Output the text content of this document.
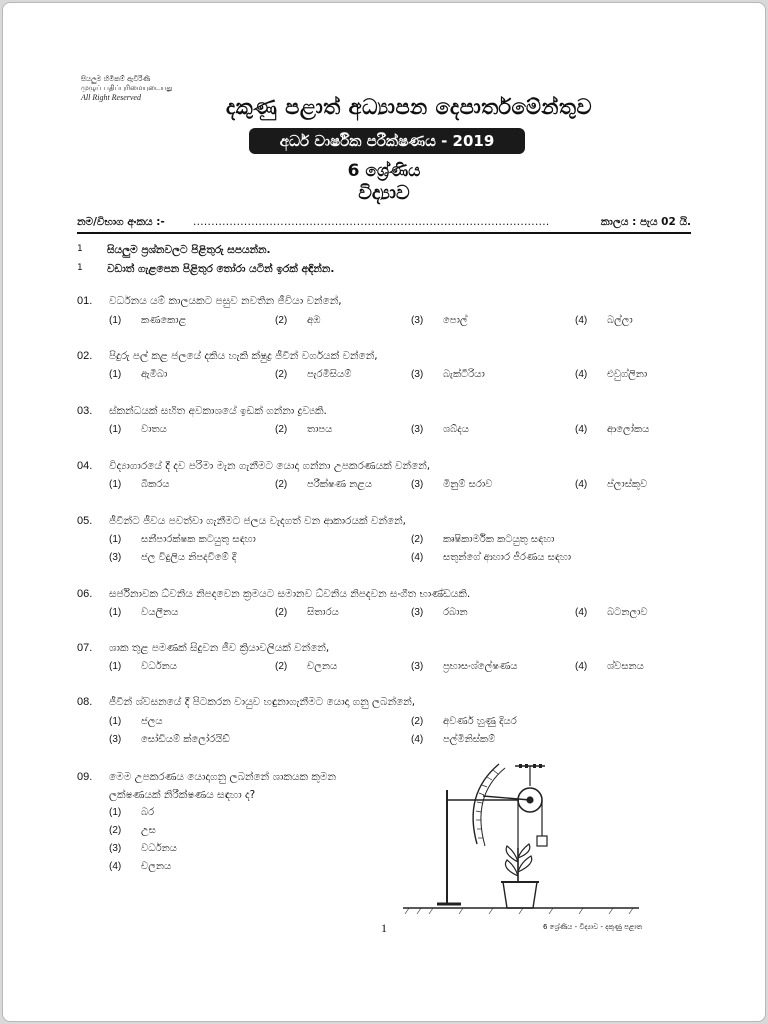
සියලුම හිමිකම් ඇවිරිණි
முழுப் பதிப்புரிமையுடையது
All Right Reserved	දකුණු පළාත් අධ්‍යාපන දෙපාර්තමේන්තුව
අර්ධ වාර්ෂික පරීක්ෂණය - 2019
6 ශ්‍රේණිය
විද්‍යාව
නම/විභාග අංකය :-	..................................................................................................	කාලය : පැය 02 යි.
1 සියලුම ප්‍රශ්නවලට පිළිතුරු සපයන්න.
1 වඩාත් ගැළපෙන පිළිතුර තෝරා යටින් ඉරක් අඳින්න.
01. වර්ධනය යම් කාලයකට පසුව නවතින ජීවියා වන්නේ,
(1) කණකොළ	(2) අඹ	(3) පොල්	(4) බල්ලා
02. පිදුරු පල් කළ ජලයේ දකිය හැකි ක්ෂුද්‍ර ජීවීන් වර්ගයක් වන්නේ,
(1) ඇමීබා	(2) පැරමීසියම්	(3) බැක්ටීරියා	(4) එවුග්ලිනා
03. ස්කන්ධයක් සහිත අවකාශයේ ඉඩක් ගන්නා ද්‍රව්‍යකි.
(1) වාතය	(2) තාපය	(3) ශබ්දය	(4) ආලෝකය
04. විද්‍යාගාරයේ දී දව පරිමා මැන ගැනීමට යොදා ගන්නා උපකරණයක් වන්නේ,
(1) බීකරය	(2) පරීක්ෂණ නළය	(3) මිනුම් සරාව	(4) ප්ලාස්කුව
05. ජීවීන්ට ජීවය පවත්වා ගැනීමට ජලය වැදගත් වන ආකාරයක් වන්නේ,
(1) සනීපාරක්ෂක කටයුතු සඳහා	(2) කෘෂිකාර්මික කටයුතු සඳහා
(3) ජල විදුලිය නිපදවීමේ දී	(4) සතුන්ගේ ආහාර ජීරණය සඳහා
06. සර්ජිනාවක ධ්වනිය නිපදවෙන ක්‍රමයට සමානව ධ්වනිය නිපදවන සංගීත භාණ්ඩයකි.
(1) වයලීනය	(2) සිතාරය	(3) රබාන	(4) බටනලාව
07. ශාක තුළ පමණක් සිදුවන ජීව ක්‍රියාවලියක් වන්නේ,
(1) වර්ධනය	(2) චලනය	(3) ප්‍රභාසංශ්ලේෂණය	(4) ශ්වසනය
08. ජීවීන් ශ්වසනයේ දී පිටකරන වායුව හඳුනාගැනීමට යොදා ගනු ලබන්නේ,
(1) ජලය	(2) අවර්ණ හුණු දියර
(3) සෝඩියම් ක්ලෝරයිඩ්	(4) පල්මිනිස්කම්
09. මෙම උපකරණය යොදාගනු ලබන්නේ ශාකයක කුමන
ලක්ෂණයක් නිරීක්ෂණය සඳහා ද?
(1) බර
(2) උස
(3) වර්ධනය
(4) චලනය
1	6 ශ්‍රේණිය - විද්‍යාව - දකුණු පළාත
